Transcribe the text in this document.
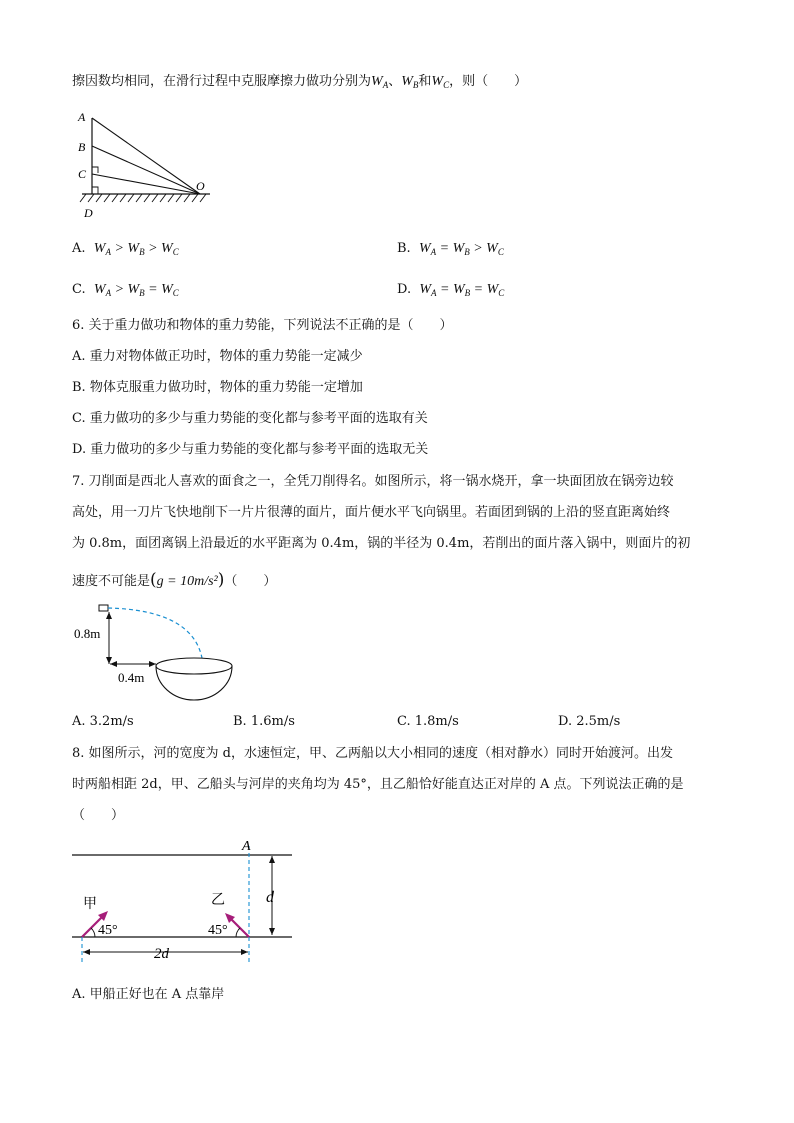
擦因数均相同，在滑行过程中克服摩擦力做功分别为$W_A$、$W_B$和$W_C$，则（　　）
A
B
C
D
O
A. $W_A > W_B > W_C$	B. $W_A = W_B > W_C$
C. $W_A > W_B = W_C$	D. $W_A = W_B = W_C$
6. 关于重力做功和物体的重力势能，下列说法不正确的是（　　）
A. 重力对物体做正功时，物体的重力势能一定减少
B. 物体克服重力做功时，物体的重力势能一定增加
C. 重力做功的多少与重力势能的变化都与参考平面的选取有关
D. 重力做功的多少与重力势能的变化都与参考平面的选取无关
7. 刀削面是西北人喜欢的面食之一，全凭刀削得名。如图所示，将一锅水烧开，拿一块面团放在锅旁边较
高处，用一刀片飞快地削下一片片很薄的面片，面片便水平飞向锅里。若面团到锅的上沿的竖直距离始终
为 0.8m，面团离锅上沿最近的水平距离为 0.4m，锅的半径为 0.4m，若削出的面片落入锅中，则面片的初
速度不可能是(g = 10m/s²)（　　）
0.8m
0.4m
A. 3.2m/s	B. 1.6m/s	C. 1.8m/s	D. 2.5m/s
8. 如图所示，河的宽度为 d，水速恒定，甲、乙两船以大小相同的速度（相对静水）同时开始渡河。出发
时两船相距 2d，甲、乙船头与河岸的夹角均为 45°，且乙船恰好能直达正对岸的 A 点。下列说法正确的是
（　　）
A
d
甲	乙
45°	45°
2d
A. 甲船正好也在 A 点靠岸
